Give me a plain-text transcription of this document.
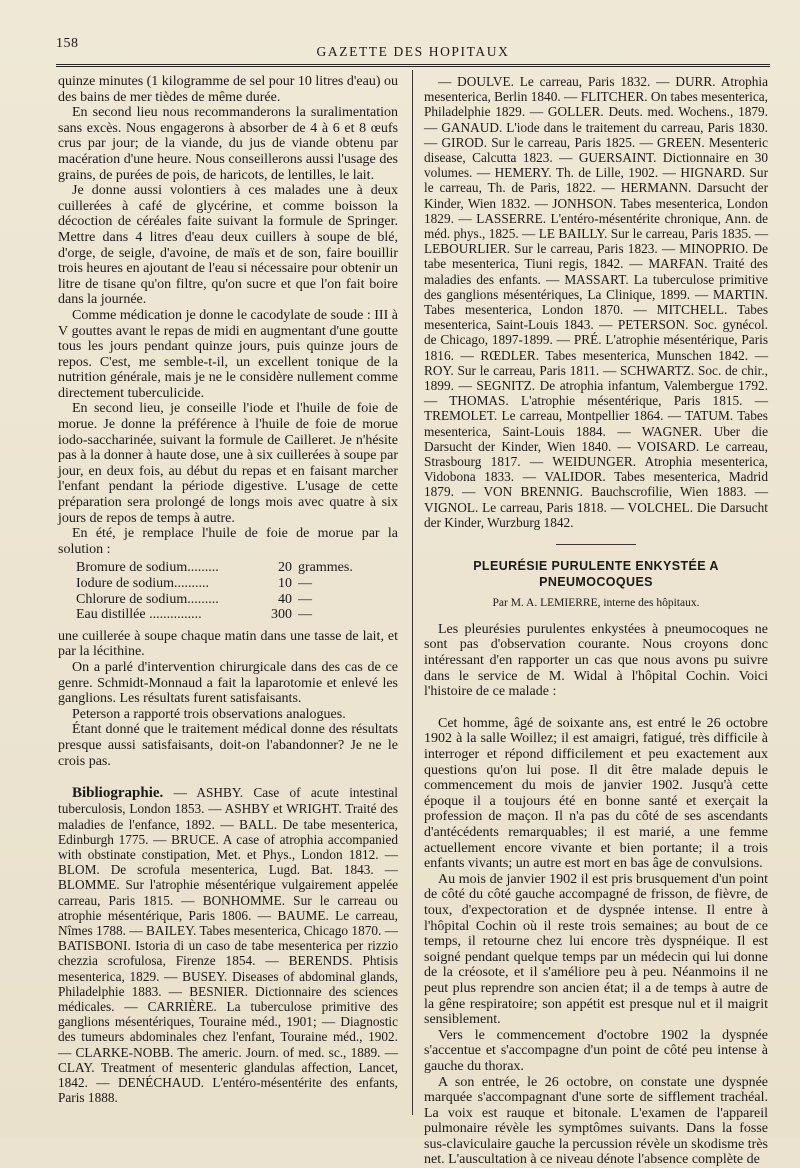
158
GAZETTE DES HOPITAUX

quinze minutes (1 kilogramme de sel pour 10 litres d'eau) ou des bains de mer tièdes de même durée.

En second lieu nous recommanderons la suralimentation sans excès. Nous engagerons à absorber de 4 à 6 et 8 œufs crus par jour; de la viande, du jus de viande obtenu par macération d'une heure. Nous conseillerons aussi l'usage des grains, de purées de pois, de haricots, de lentilles, le lait.

Je donne aussi volontiers à ces malades une à deux cuillerées à café de glycérine, et comme boisson la décoction de céréales faite suivant la formule de Springer. Mettre dans 4 litres d'eau deux cuillers à soupe de blé, d'orge, de seigle, d'avoine, de maïs et de son, faire bouillir trois heures en ajoutant de l'eau si nécessaire pour obtenir un litre de tisane qu'on filtre, qu'on sucre et que l'on fait boire dans la journée.

Comme médication je donne le cacodylate de soude : III à V gouttes avant le repas de midi en augmentant d'une goutte tous les jours pendant quinze jours, puis quinze jours de repos. C'est, me semble-t-il, un excellent tonique de la nutrition générale, mais je ne le considère nullement comme directement tuberculicide.

En second lieu, je conseille l'iode et l'huile de foie de morue. Je donne la préférence à l'huile de foie de morue iodo-saccharinée, suivant la formule de Cailleret. Je n'hésite pas à la donner à haute dose, une à six cuillerées à soupe par jour, en deux fois, au début du repas et en faisant marcher l'enfant pendant la période digestive. L'usage de cette préparation sera prolongé de longs mois avec quatre à six jours de repos de temps à autre.

En été, je remplace l'huile de foie de morue par la solution :

Bromure de sodium.........	20	grammes.
Iodure de sodium..........	10	—
Chlorure de sodium.........	40	—
Eau distillée ...............	300	—

une cuillerée à soupe chaque matin dans une tasse de lait, et par la lécithine.

On a parlé d'intervention chirurgicale dans des cas de ce genre. Schmidt-Monnaud a fait la laparotomie et enlevé les ganglions. Les résultats furent satisfaisants.

Peterson a rapporté trois observations analogues.

Étant donné que le traitement médical donne des résultats presque aussi satisfaisants, doit-on l'abandonner? Je ne le crois pas.

Bibliographie. — ASHBY. Case of acute intestinal tuberculosis, London 1853. — ASHBY et WRIGHT. Traité des maladies de l'enfance, 1892. — BALL. De tabe mesenterica, Edinburgh 1775. — BRUCE. A case of atrophia accompanied with obstinate constipation, Met. et Phys., London 1812. — BLOM. De scrofula mesenterica, Lugd. Bat. 1843. — BLOMME. Sur l'atrophie mésentérique vulgairement appelée carreau, Paris 1815. — BONHOMME. Sur le carreau ou atrophie mésentérique, Paris 1806. — BAUME. Le carreau, Nîmes 1788. — BAILEY. Tabes mesenterica, Chicago 1870. — BATISBONI. Istoria di un caso de tabe mesenterica per rizzio chezzia scrofulosa, Firenze 1854. — BERENDS. Phtisis mesenterica, 1829. — BUSEY. Diseases of abdominal glands, Philadelphie 1883. — BESNIER. Dictionnaire des sciences médicales. — CARRIÈRE. La tuberculose primitive des ganglions mésentériques, Touraine méd., 1901; — Diagnostic des tumeurs abdominales chez l'enfant, Touraine méd., 1902. — CLARKE-NOBB. The americ. Journ. of med. sc., 1889. — CLAY. Treatment of mesenteric glandulas affection, Lancet, 1842. — DENÉCHAUD. L'entéro-mésentérite des enfants, Paris 1888.

— DOULVE. Le carreau, Paris 1832. — DURR. Atrophia mesenterica, Berlin 1840. — FLITCHER. On tabes mesenterica, Philadelphie 1829. — GOLLER. Deuts. med. Wochens., 1879. — GANAUD. L'iode dans le traitement du carreau, Paris 1830. — GIROD. Sur le carreau, Paris 1825. — GREEN. Mesenteric disease, Calcutta 1823. — GUERSAINT. Dictionnaire en 30 volumes. — HEMERY. Th. de Lille, 1902. — HIGNARD. Sur le carreau, Th. de Paris, 1822. — HERMANN. Darsucht der Kinder, Wien 1832. — JONHSON. Tabes mesenterica, London 1829. — LASSERRE. L'entéro-mésentérite chronique, Ann. de méd. phys., 1825. — LE BAILLY. Sur le carreau, Paris 1835. — LEBOURLIER. Sur le carreau, Paris 1823. — MINOPRIO. De tabe mesenterica, Tiuni regis, 1842. — MARFAN. Traité des maladies des enfants. — MASSART. La tuberculose primitive des ganglions mésentériques, La Clinique, 1899. — MARTIN. Tabes mesenterica, London 1870. — MITCHELL. Tabes mesenterica, Saint-Louis 1843. — PETERSON. Soc. gynécol. de Chicago, 1897-1899. — PRÉ. L'atrophie mésentérique, Paris 1816. — RŒDLER. Tabes mesenterica, Munschen 1842. — ROY. Sur le carreau, Paris 1811. — SCHWARTZ. Soc. de chir., 1899. — SEGNITZ. De atrophia infantum, Valembergue 1792. — THOMAS. L'atrophie mésentérique, Paris 1815. — TREMOLET. Le carreau, Montpellier 1864. — TATUM. Tabes mesenterica, Saint-Louis 1884. — WAGNER. Uber die Darsucht der Kinder, Wien 1840. — VOISARD. Le carreau, Strasbourg 1817. — WEIDUNGER. Atrophia mesenterica, Vidobona 1833. — VALIDOR. Tabes mesenterica, Madrid 1879. — VON BRENNIG. Bauchscrofilie, Wien 1883. — VIGNOL. Le carreau, Paris 1818. — VOLCHEL. Die Darsucht der Kinder, Wurzburg 1842.

PLEURÉSIE PURULENTE ENKYSTÉE A PNEUMOCOQUES
Par M. A. LEMIERRE, interne des hôpitaux.

Les pleurésies purulentes enkystées à pneumocoques ne sont pas d'observation courante. Nous croyons donc intéressant d'en rapporter un cas que nous avons pu suivre dans le service de M. Widal à l'hôpital Cochin. Voici l'histoire de ce malade :

Cet homme, âgé de soixante ans, est entré le 26 octobre 1902 à la salle Woillez; il est amaigri, fatigué, très difficile à interroger et répond difficilement et peu exactement aux questions qu'on lui pose. Il dit être malade depuis le commencement du mois de janvier 1902. Jusqu'à cette époque il a toujours été en bonne santé et exerçait la profession de maçon. Il n'a pas du côté de ses ascendants d'antécédents remarquables; il est marié, a une femme actuellement encore vivante et bien portante; il a trois enfants vivants; un autre est mort en bas âge de convulsions.

Au mois de janvier 1902 il est pris brusquement d'un point de côté du côté gauche accompagné de frisson, de fièvre, de toux, d'expectoration et de dyspnée intense. Il entre à l'hôpital Cochin où il reste trois semaines; au bout de ce temps, il retourne chez lui encore très dyspnéique. Il est soigné pendant quelque temps par un médecin qui lui donne de la créosote, et il s'améliore peu à peu. Néanmoins il ne peut plus reprendre son ancien état; il a de temps à autre de la gêne respiratoire; son appétit est presque nul et il maigrit sensiblement.

Vers le commencement d'octobre 1902 la dyspnée s'accentue et s'accompagne d'un point de côté peu intense à gauche du thorax.

A son entrée, le 26 octobre, on constate une dyspnée marquée s'accompagnant d'une sorte de sifflement trachéal. La voix est rauque et bitonale. L'examen de l'appareil pulmonaire révèle les symptômes suivants. Dans la fosse sus-claviculaire gauche la percussion révèle un skodisme très net. L'auscultation à ce niveau dénote l'absence complète de
